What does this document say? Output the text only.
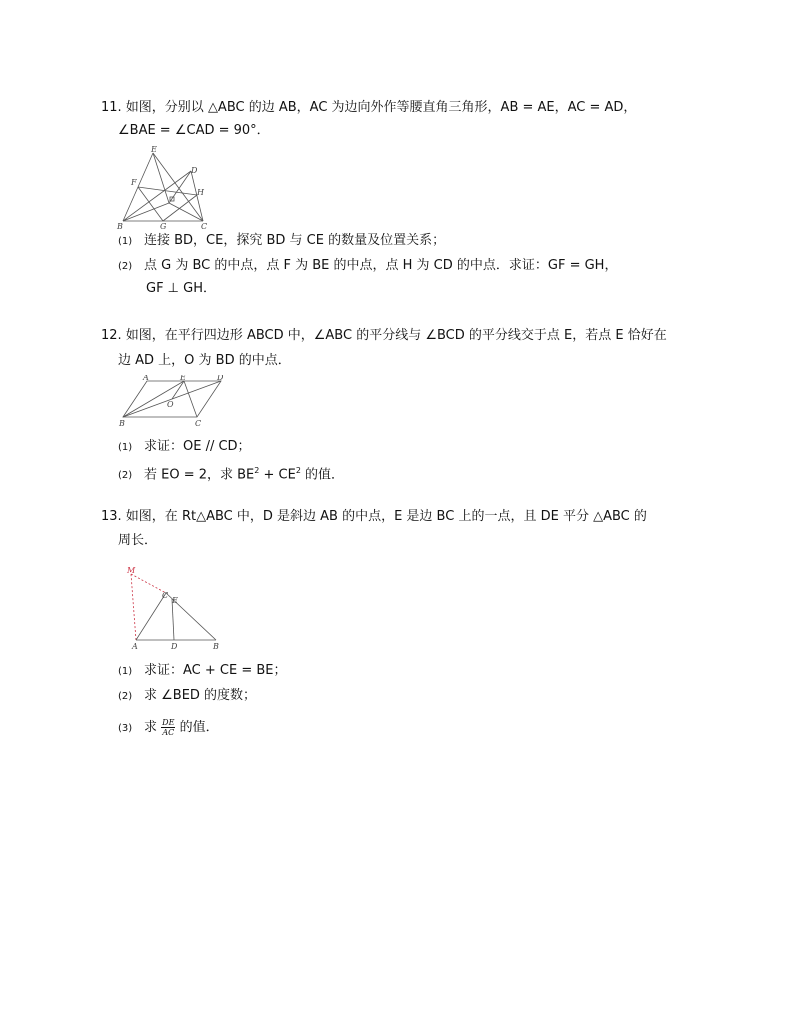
11. 如图，分别以 △ABC 的边 AB，AC 为边向外作等腰直角三角形，AB = AE，AC = AD，
∠BAE = ∠CAD = 90°．
E
F
D
H
B	G	C
(1) 连接 BD，CE，探究 BD 与 CE 的数量及位置关系；
(2) 点 G 为 BC 的中点，点 F 为 BE 的中点，点 H 为 CD 的中点．求证：GF = GH，
GF ⊥ GH．
12. 如图，在平行四边形 ABCD 中，∠ABC 的平分线与 ∠BCD 的平分线交于点 E，若点 E 恰好在
边 AD 上，O 为 BD 的中点．
A	E	D
O
B	C
(1) 求证：OE // CD；
(2) 若 EO = 2，求 $BE^2 + CE^2$ 的值．
13. 如图，在 Rt△ABC 中，D 是斜边 AB 的中点，E 是边 BC 上的一点，且 DE 平分 △ABC 的
周长．
M
C
E
A	D	B
(1) 求证：AC + CE = BE；
(2) 求 ∠BED 的度数；
(3) 求 $\frac{DE}{AC}$ 的值．
